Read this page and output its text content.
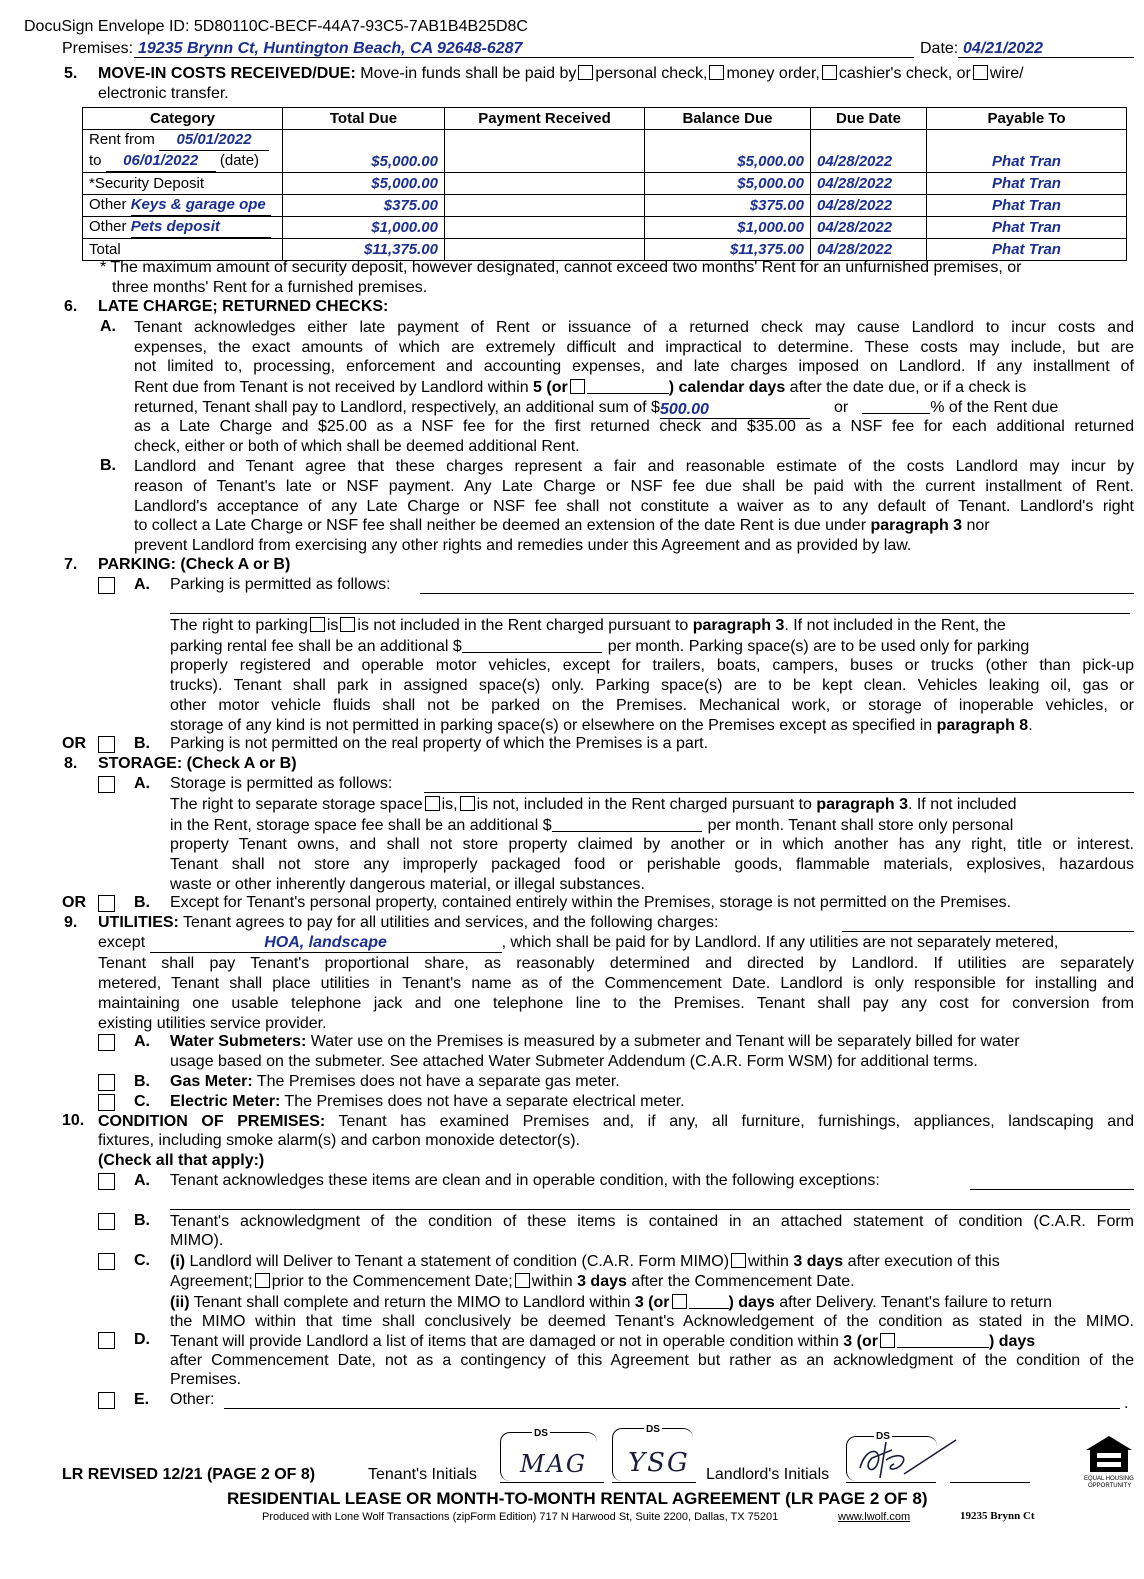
DocuSign Envelope ID: 5D80110C-BECF-44A7-93C5-7AB1B4B25D8C
Premises: 19235 Brynn Ct, Huntington Beach, CA 92648-6287	Date: 04/21/2022
5. MOVE-IN COSTS RECEIVED/DUE: Move-in funds shall be paid by personal check, money order, cashier's check, or wire/
electronic transfer.
Category	Total Due	Payment Received	Balance Due	Due Date	Payable To
Rent from 05/01/2022					
to 06/01/2022 (date)	$5,000.00		$5,000.00	04/28/2022	Phat Tran
*Security Deposit	$5,000.00		$5,000.00	04/28/2022	Phat Tran
Other Keys & garage ope	$375.00		$375.00	04/28/2022	Phat Tran
Other Pets deposit	$1,000.00		$1,000.00	04/28/2022	Phat Tran
Total	$11,375.00		$11,375.00	04/28/2022	Phat Tran
* The maximum amount of security deposit, however designated, cannot exceed two months' Rent for an unfurnished premises, or
three months' Rent for a furnished premises.
6. LATE CHARGE; RETURNED CHECKS:
A. Tenant acknowledges either late payment of Rent or issuance of a returned check may cause Landlord to incur costs and
expenses, the exact amounts of which are extremely difficult and impractical to determine. These costs may include, but are
not limited to, processing, enforcement and accounting expenses, and late charges imposed on Landlord. If any installment of
Rent due from Tenant is not received by Landlord within 5 (or	) calendar days after the date due, or if a check is
returned, Tenant shall pay to Landlord, respectively, an additional sum of $500.00	or	% of the Rent due
as a Late Charge and $25.00 as a NSF fee for the first returned check and $35.00 as a NSF fee for each additional returned
check, either or both of which shall be deemed additional Rent.
B. Landlord and Tenant agree that these charges represent a fair and reasonable estimate of the costs Landlord may incur by
reason of Tenant's late or NSF payment. Any Late Charge or NSF fee due shall be paid with the current installment of Rent.
Landlord's acceptance of any Late Charge or NSF fee shall not constitute a waiver as to any default of Tenant. Landlord's right
to collect a Late Charge or NSF fee shall neither be deemed an extension of the date Rent is due under paragraph 3 nor
prevent Landlord from exercising any other rights and remedies under this Agreement and as provided by law.
7. PARKING: (Check A or B)
A. Parking is permitted as follows:
The right to parking is is not included in the Rent charged pursuant to paragraph 3. If not included in the Rent, the
parking rental fee shall be an additional $	per month. Parking space(s) are to be used only for parking
properly registered and operable motor vehicles, except for trailers, boats, campers, buses or trucks (other than pick-up
trucks). Tenant shall park in assigned space(s) only. Parking space(s) are to be kept clean. Vehicles leaking oil, gas or
other motor vehicle fluids shall not be parked on the Premises. Mechanical work, or storage of inoperable vehicles, or
storage of any kind is not permitted in parking space(s) or elsewhere on the Premises except as specified in paragraph 8.
OR	B. Parking is not permitted on the real property of which the Premises is a part.
8. STORAGE: (Check A or B)
A. Storage is permitted as follows:
The right to separate storage space is, is not, included in the Rent charged pursuant to paragraph 3. If not included
in the Rent, storage space fee shall be an additional $	per month. Tenant shall store only personal
property Tenant owns, and shall not store property claimed by another or in which another has any right, title or interest.
Tenant shall not store any improperly packaged food or perishable goods, flammable materials, explosives, hazardous
waste or other inherently dangerous material, or illegal substances.
OR	B. Except for Tenant's personal property, contained entirely within the Premises, storage is not permitted on the Premises.
9. UTILITIES: Tenant agrees to pay for all utilities and services, and the following charges:
except	HOA, landscape	, which shall be paid for by Landlord. If any utilities are not separately metered,
Tenant shall pay Tenant's proportional share, as reasonably determined and directed by Landlord. If utilities are separately
metered, Tenant shall place utilities in Tenant's name as of the Commencement Date. Landlord is only responsible for installing and
maintaining one usable telephone jack and one telephone line to the Premises. Tenant shall pay any cost for conversion from
existing utilities service provider.
A. Water Submeters: Water use on the Premises is measured by a submeter and Tenant will be separately billed for water
usage based on the submeter. See attached Water Submeter Addendum (C.A.R. Form WSM) for additional terms.
B. Gas Meter: The Premises does not have a separate gas meter.
C. Electric Meter: The Premises does not have a separate electrical meter.
10. CONDITION OF PREMISES: Tenant has examined Premises and, if any, all furniture, furnishings, appliances, landscaping and
fixtures, including smoke alarm(s) and carbon monoxide detector(s).
(Check all that apply:)
A. Tenant acknowledges these items are clean and in operable condition, with the following exceptions:
B. Tenant's acknowledgment of the condition of these items is contained in an attached statement of condition (C.A.R. Form
MIMO).
C. (i) Landlord will Deliver to Tenant a statement of condition (C.A.R. Form MIMO) within 3 days after execution of this
Agreement; prior to the Commencement Date; within 3 days after the Commencement Date.
(ii) Tenant shall complete and return the MIMO to Landlord within 3 (or	) days after Delivery. Tenant's failure to return
the MIMO within that time shall conclusively be deemed Tenant's Acknowledgement of the condition as stated in the MIMO.
D. Tenant will provide Landlord a list of items that are damaged or not in operable condition within 3 (or	) days
after Commencement Date, not as a contingency of this Agreement but rather as an acknowledgment of the condition of the
Premises.
E. Other:	.
LR REVISED 12/21 (PAGE 2 OF 8)	Tenant's Initials
DS
MAG
DS
YSG Landlord's Initials
DS
EQUAL HOUSING
OPPORTUNITY
RESIDENTIAL LEASE OR MONTH-TO-MONTH RENTAL AGREEMENT (LR PAGE 2 OF 8)
Produced with Lone Wolf Transactions (zipForm Edition) 717 N Harwood St, Suite 2200, Dallas, TX 75201	www.lwolf.com	19235 Brynn Ct
